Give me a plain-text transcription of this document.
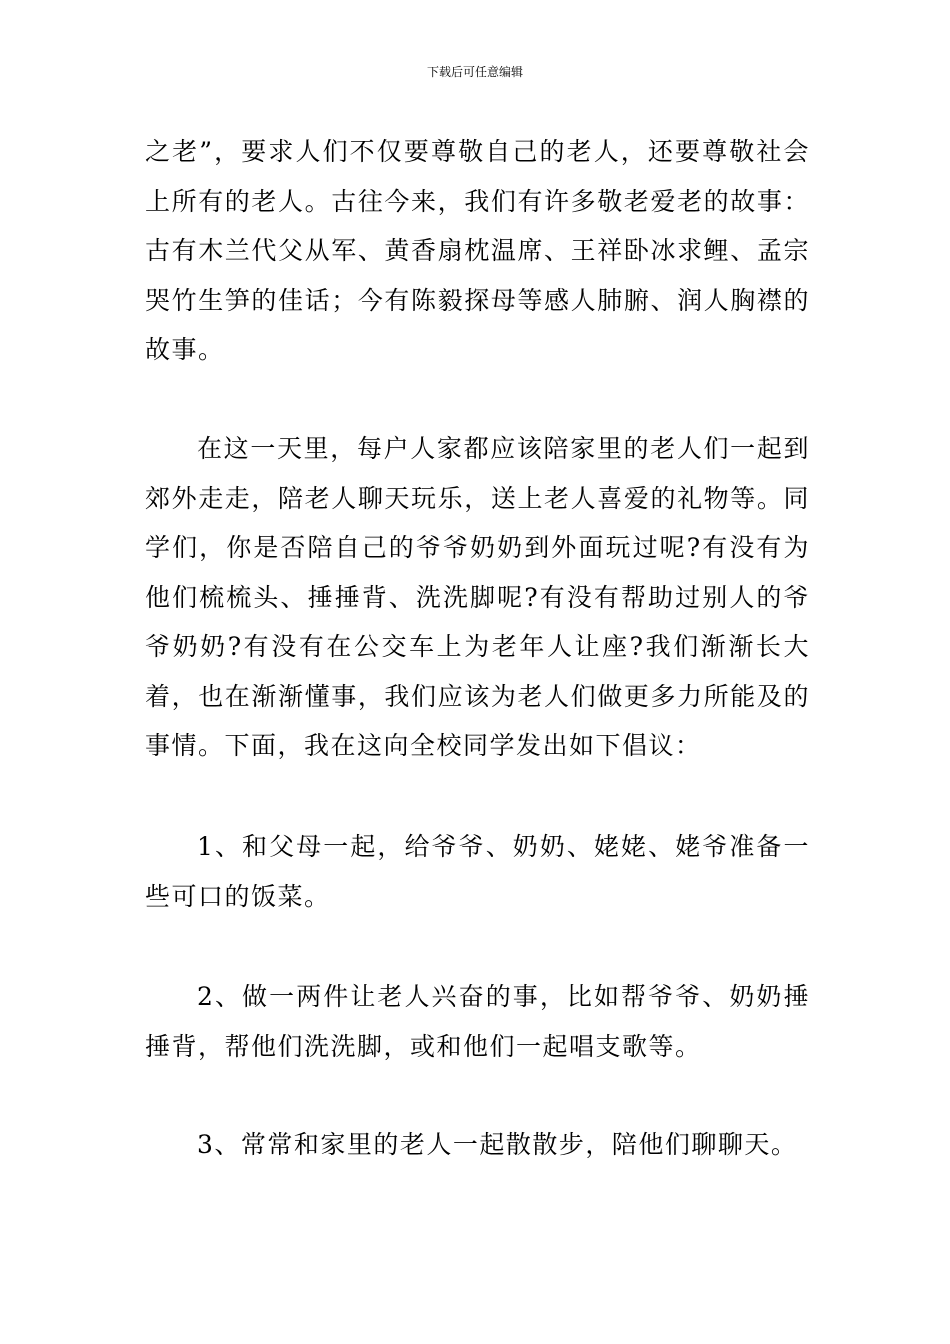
下载后可任意编辑

之老”，要求人们不仅要尊敬自己的老人，还要尊敬社会上所有的老人。古往今来，我们有许多敬老爱老的故事：古有木兰代父从军、黄香扇枕温席、王祥卧冰求鲤、孟宗哭竹生笋的佳话；今有陈毅探母等感人肺腑、润人胸襟的故事。

在这一天里，每户人家都应该陪家里的老人们一起到郊外走走，陪老人聊天玩乐，送上老人喜爱的礼物等。同学们，你是否陪自己的爷爷奶奶到外面玩过呢?有没有为他们梳梳头、捶捶背、洗洗脚呢?有没有帮助过别人的爷爷奶奶?有没有在公交车上为老年人让座?我们渐渐长大着，也在渐渐懂事，我们应该为老人们做更多力所能及的事情。下面，我在这向全校同学发出如下倡议：

1、和父母一起，给爷爷、奶奶、姥姥、姥爷准备一些可口的饭菜。

2、做一两件让老人兴奋的事，比如帮爷爷、奶奶捶捶背，帮他们洗洗脚，或和他们一起唱支歌等。

3、常常和家里的老人一起散散步，陪他们聊聊天。
